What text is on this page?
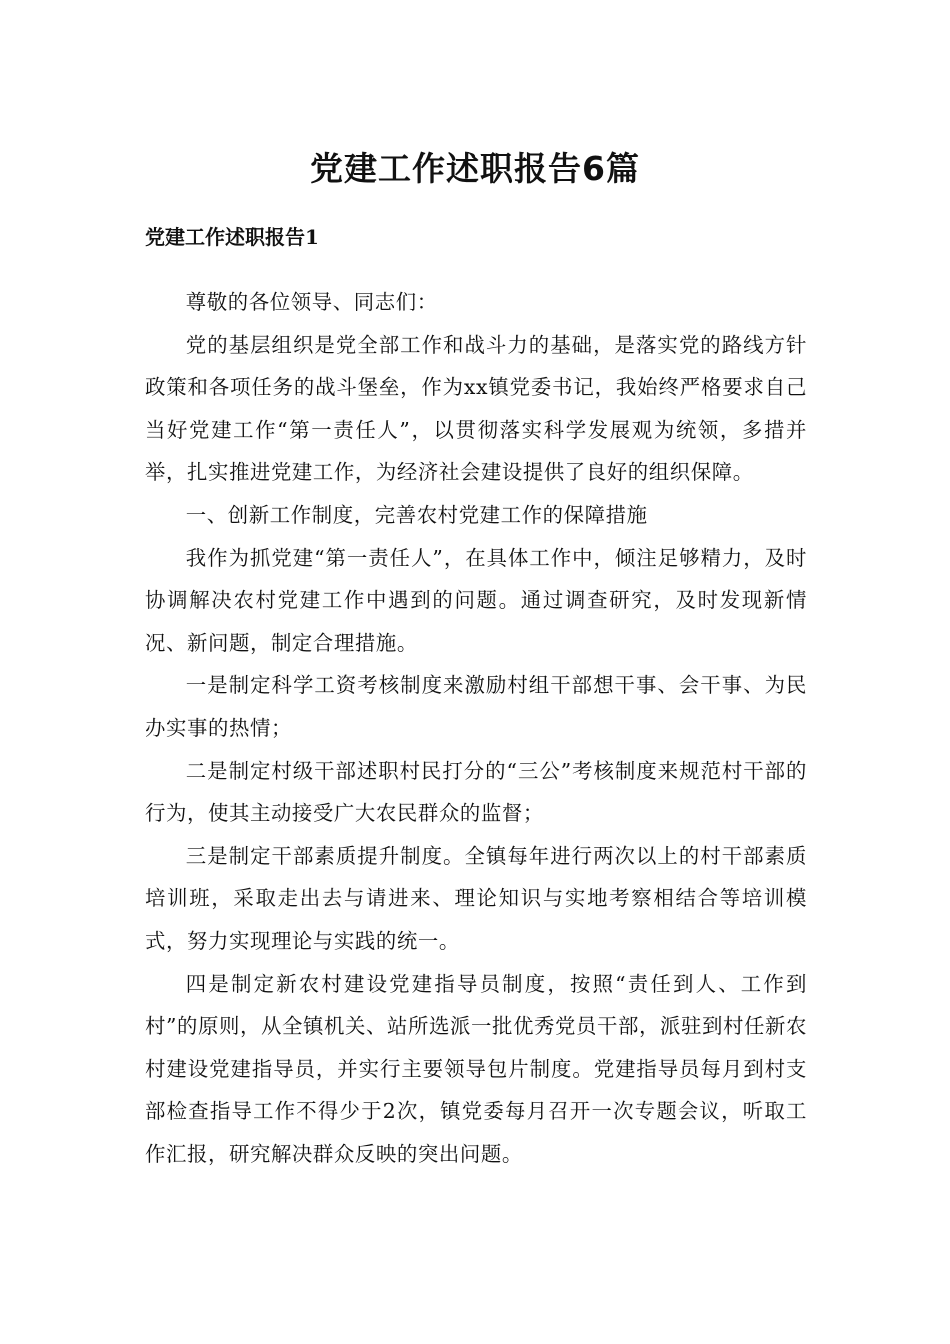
党建工作述职报告6篇
党建工作述职报告1

尊敬的各位领导、同志们：

党的基层组织是党全部工作和战斗力的基础，是落实党的路线方针政策和各项任务的战斗堡垒，作为xx镇党委书记，我始终严格要求自己当好党建工作“第一责任人”，以贯彻落实科学发展观为统领，多措并举，扎实推进党建工作，为经济社会建设提供了良好的组织保障。

一、创新工作制度，完善农村党建工作的保障措施

我作为抓党建“第一责任人”，在具体工作中，倾注足够精力，及时协调解决农村党建工作中遇到的问题。通过调查研究，及时发现新情况、新问题，制定合理措施。

一是制定科学工资考核制度来激励村组干部想干事、会干事、为民办实事的热情；

二是制定村级干部述职村民打分的“三公”考核制度来规范村干部的行为，使其主动接受广大农民群众的监督；

三是制定干部素质提升制度。全镇每年进行两次以上的村干部素质培训班，采取走出去与请进来、理论知识与实地考察相结合等培训模式，努力实现理论与实践的统一。

四是制定新农村建设党建指导员制度，按照“责任到人、工作到村”的原则，从全镇机关、站所选派一批优秀党员干部，派驻到村任新农村建设党建指导员，并实行主要领导包片制度。党建指导员每月到村支部检查指导工作不得少于2次，镇党委每月召开一次专题会议，听取工作汇报，研究解决群众反映的突出问题。
